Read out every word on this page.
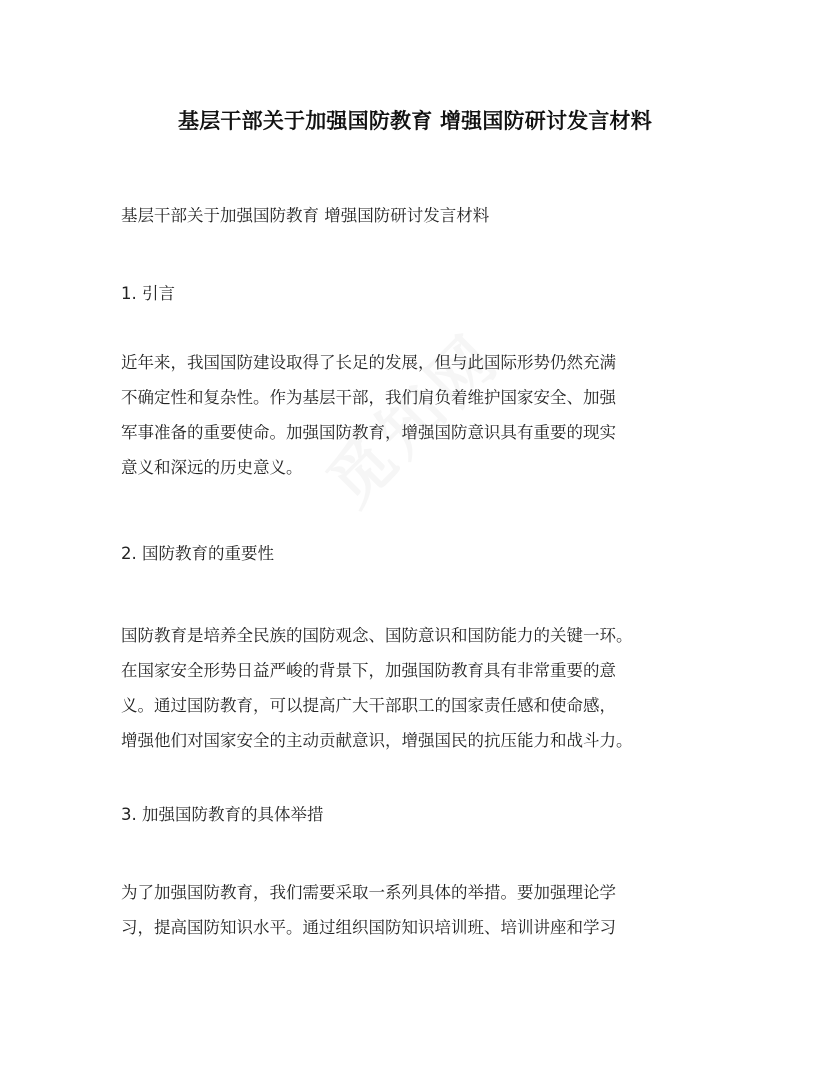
基层干部关于加强国防教育 增强国防研讨发言材料
基层干部关于加强国防教育 增强国防研讨发言材料
1. 引言
近年来，我国国防建设取得了长足的发展，但与此国际形势仍然充满
不确定性和复杂性。作为基层干部，我们肩负着维护国家安全、加强
军事准备的重要使命。加强国防教育，增强国防意识具有重要的现实
意义和深远的历史意义。
2. 国防教育的重要性
国防教育是培养全民族的国防观念、国防意识和国防能力的关键一环。
在国家安全形势日益严峻的背景下，加强国防教育具有非常重要的意
义。通过国防教育，可以提高广大干部职工的国家责任感和使命感，
增强他们对国家安全的主动贡献意识，增强国民的抗压能力和战斗力。
3. 加强国防教育的具体举措
为了加强国防教育，我们需要采取一系列具体的举措。要加强理论学
习，提高国防知识水平。通过组织国防知识培训班、培训讲座和学习
